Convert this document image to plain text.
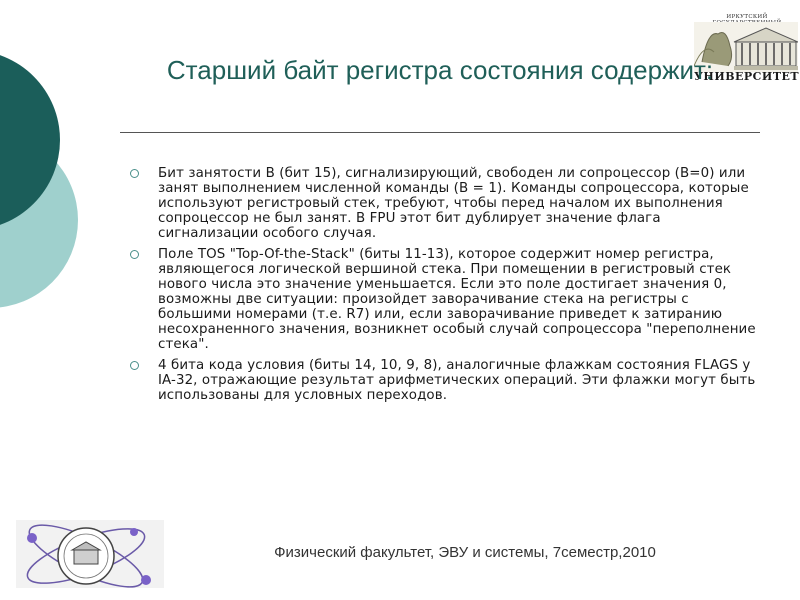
ИРКУТСКИЙ
УНИВЕРСИТЕТ
Старший байт регистра состояния содержит:
Бит занятости B (бит 15), сигнализирующий, свободен ли сопроцессор (B=0) или занят выполнением численной команды (B = 1). Команды сопроцессора, которые используют регистровый стек, требуют, чтобы перед началом их выполнения сопроцессор не был занят. В FPU этот бит дублирует значение флага сигнализации особого случая.
Поле TOS "Top-Of-the-Stack" (биты 11-13), которое содержит номер регистра, являющегося логической вершиной стека. При помещении в регистровый стек нового числа это значение уменьшается. Если это поле достигает значения 0, возможны две ситуации: произойдет заворачивание стека на регистры с большими номерами (т.е. R7) или, если заворачивание приведет к затиранию несохраненного значения, возникнет особый случай сопроцессора "переполнение стека".
4 бита кода условия (биты 14, 10, 9, 8), аналогичные флажкам состояния FLAGS у IA-32, отражающие результат арифметических операций. Эти флажки могут быть использованы для условных переходов.
Физический факультет, ЭВУ и системы, 7семестр,2010
